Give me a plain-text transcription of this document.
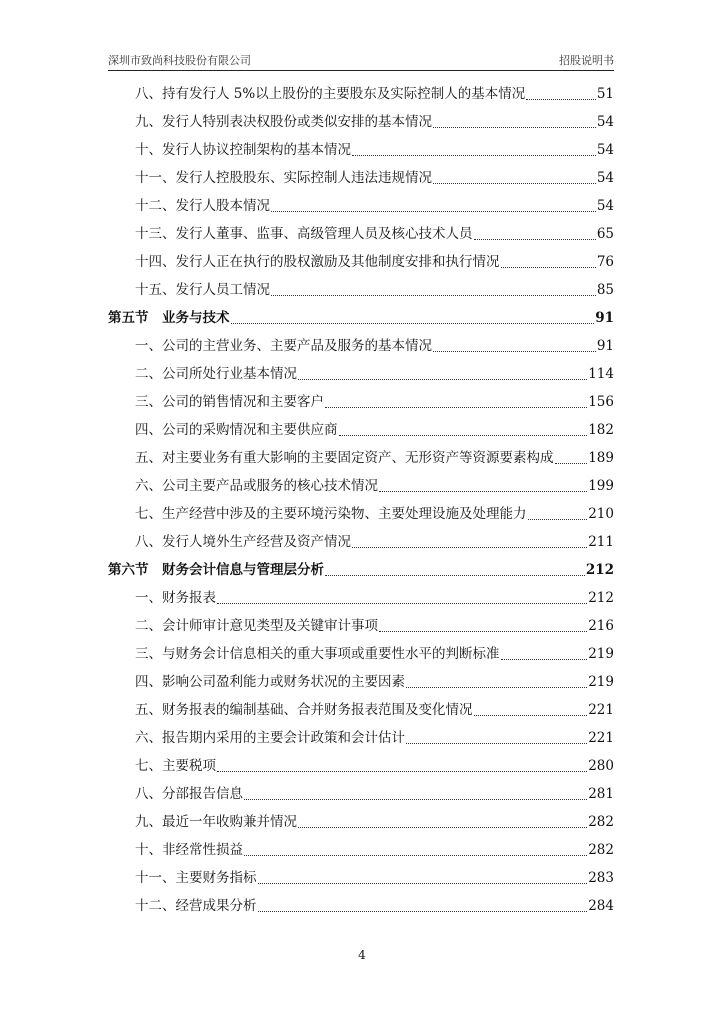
深圳市致尚科技股份有限公司	招股说明书
八、持有发行人 5%以上股份的主要股东及实际控制人的基本情况	51
九、发行人特别表决权股份或类似安排的基本情况	54
十、发行人协议控制架构的基本情况	54
十一、发行人控股股东、实际控制人违法违规情况	54
十二、发行人股本情况	54
十三、发行人董事、监事、高级管理人员及核心技术人员	65
十四、发行人正在执行的股权激励及其他制度安排和执行情况	76
十五、发行人员工情况	85
第五节　业务与技术	91
一、公司的主营业务、主要产品及服务的基本情况	91
二、公司所处行业基本情况	114
三、公司的销售情况和主要客户	156
四、公司的采购情况和主要供应商	182
五、对主要业务有重大影响的主要固定资产、无形资产等资源要素构成	189
六、公司主要产品或服务的核心技术情况	199
七、生产经营中涉及的主要环境污染物、主要处理设施及处理能力	210
八、发行人境外生产经营及资产情况	211
第六节　财务会计信息与管理层分析	212
一、财务报表	212
二、会计师审计意见类型及关键审计事项	216
三、与财务会计信息相关的重大事项或重要性水平的判断标准	219
四、影响公司盈利能力或财务状况的主要因素	219
五、财务报表的编制基础、合并财务报表范围及变化情况	221
六、报告期内采用的主要会计政策和会计估计	221
七、主要税项	280
八、分部报告信息	281
九、最近一年收购兼并情况	282
十、非经常性损益	282
十一、主要财务指标	283
十二、经营成果分析	284
4
